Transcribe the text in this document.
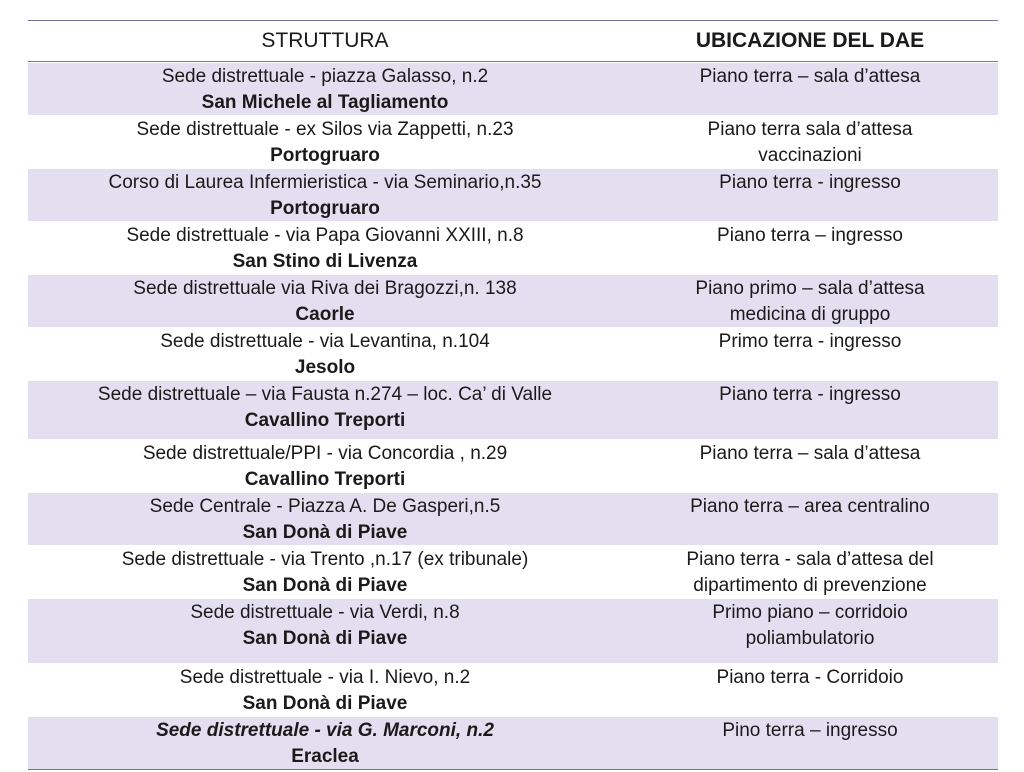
STRUTTURA	UBICAZIONE DEL DAE
Sede distrettuale - piazza Galasso, n.2
San Michele al Tagliamento
Piano terra – sala d’attesa
Sede distrettuale - ex Silos via Zappetti, n.23
Portogruaro
Piano terra sala d’attesa
vaccinazioni
Corso di Laurea Infermieristica - via Seminario,n.35
Portogruaro
Piano terra - ingresso
Sede distrettuale - via Papa Giovanni XXIII, n.8
San Stino di Livenza
Piano terra – ingresso
Sede distrettuale via Riva dei Bragozzi,n. 138
Caorle
Piano primo – sala d’attesa
medicina di gruppo
Sede distrettuale - via Levantina, n.104
Jesolo
Primo terra - ingresso
Sede distrettuale – via Fausta n.274 – loc. Ca’ di Valle
Cavallino Treporti
Piano terra - ingresso
Sede distrettuale/PPI - via Concordia , n.29
Cavallino Treporti
Piano terra – sala d’attesa
Sede Centrale - Piazza A. De Gasperi,n.5
San Donà di Piave
Piano terra – area centralino
Sede distrettuale - via Trento ,n.17 (ex tribunale)
San Donà di Piave
Piano terra - sala d’attesa del
dipartimento di prevenzione
Sede distrettuale - via Verdi, n.8
San Donà di Piave
Primo piano – corridoio
poliambulatorio
Sede distrettuale - via I. Nievo, n.2
San Donà di Piave
Piano terra - Corridoio
Sede distrettuale - via G. Marconi, n.2
Eraclea
Pino terra – ingresso
